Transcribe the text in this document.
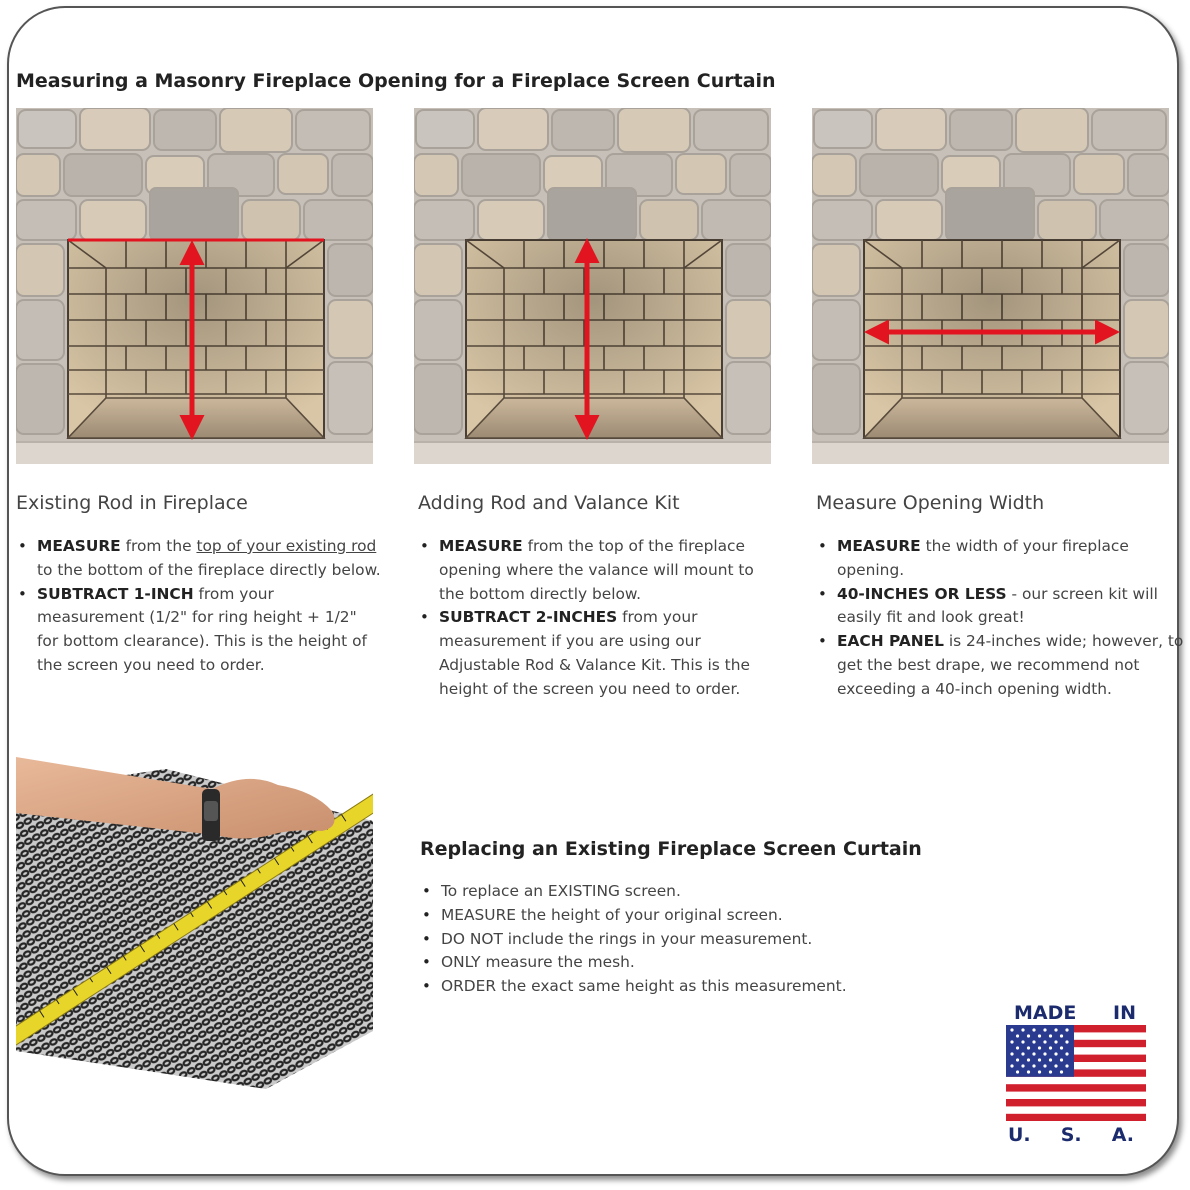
Measuring a Masonry Fireplace Opening for a Fireplace Screen Curtain
Existing Rod in Fireplace
• MEASURE from the top of your existing rod to the bottom of the fireplace directly below.
• SUBTRACT 1-INCH from your measurement (1/2" for ring height + 1/2" for bottom clearance). This is the height of the screen you need to order.
Adding Rod and Valance Kit
• MEASURE from the top of the fireplace opening where the valance will mount to the bottom directly below.
• SUBTRACT 2-INCHES from your measurement if you are using our Adjustable Rod & Valance Kit. This is the height of the screen you need to order.
Measure Opening Width
• MEASURE the width of your fireplace opening.
• 40-INCHES OR LESS - our screen kit will easily fit and look great!
• EACH PANEL is 24-inches wide; however, to get the best drape, we recommend not exceeding a 40-inch opening width.
Replacing an Existing Fireplace Screen Curtain
• To replace an EXISTING screen.
• MEASURE the height of your original screen.
• DO NOT include the rings in your measurement.
• ONLY measure the mesh.
• ORDER the exact same height as this measurement.
MADE IN
U. S. A.
